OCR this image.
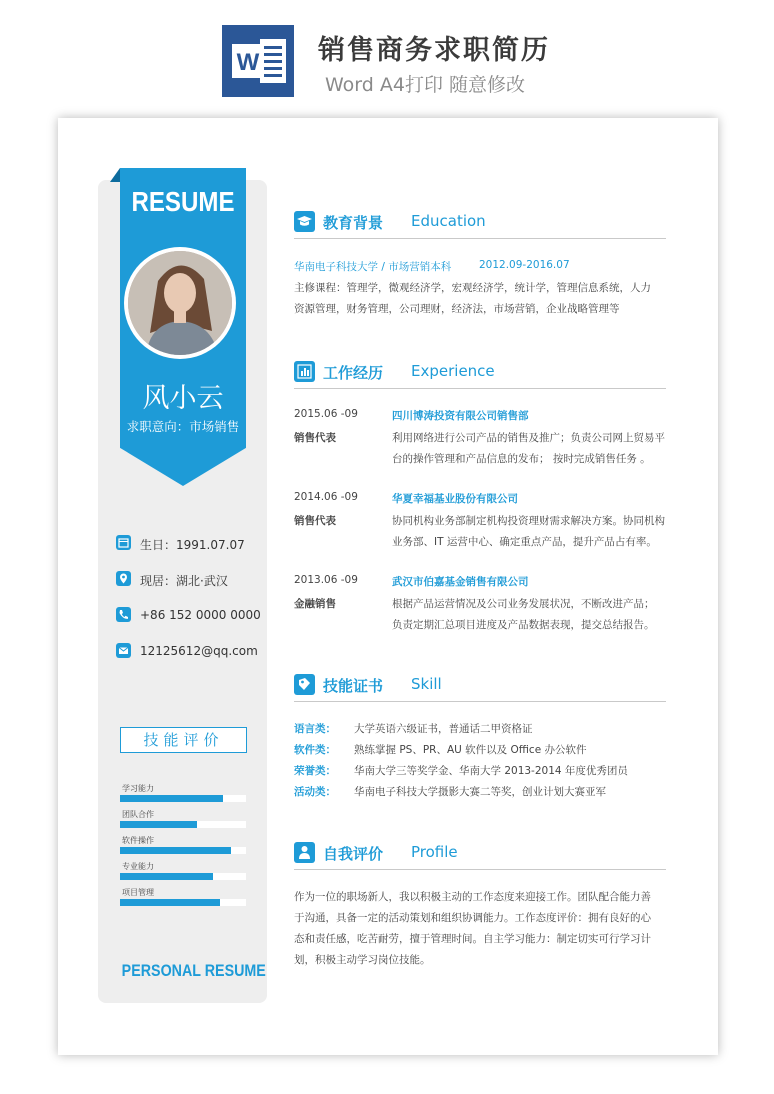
W 销售商务求职简历
Word A4打印 随意修改
RESUME
风小云
求职意向：市场销售
生日：1991.07.07
现居：湖北·武汉
+86 152 0000 0000
12125612@qq.com
技能评价
学习能力
团队合作
软件操作
专业能力
项目管理
PERSONAL RESUME
教育背景 Education
华南电子科技大学 / 市场营销本科	2012.09-2016.07
主修课程：管理学，微观经济学，宏观经济学，统计学，管理信息系统，人力
资源管理，财务管理，公司理财，经济法，市场营销，企业战略管理等
工作经历 Experience
2015.06 -09	四川博涛投资有限公司销售部
销售代表	利用网络进行公司产品的销售及推广；负责公司网上贸易平
台的操作管理和产品信息的发布； 按时完成销售任务 。
2014.06 -09	华夏幸福基业股份有限公司
销售代表	协同机构业务部制定机构投资理财需求解决方案。协同机构
业务部、IT 运营中心、确定重点产品，提升产品占有率。
2013.06 -09	武汉市伯嘉基金销售有限公司
金融销售	根据产品运营情况及公司业务发展状况，不断改进产品；
负责定期汇总项目进度及产品数据表现，提交总结报告。
技能证书 Skill
语言类： 大学英语六级证书，普通话二甲资格证
软件类： 熟练掌握 PS、PR、AU 软件以及 Office 办公软件
荣誉类： 华南大学三等奖学金、华南大学 2013-2014 年度优秀团员
活动类： 华南电子科技大学摄影大赛二等奖，创业计划大赛亚军
自我评价 Profile
作为一位的职场新人，我以积极主动的工作态度来迎接工作。团队配合能力善
于沟通，具备一定的活动策划和组织协调能力。工作态度评价：拥有良好的心
态和责任感，吃苦耐劳，擅于管理时间。自主学习能力：制定切实可行学习计
划，积极主动学习岗位技能。
